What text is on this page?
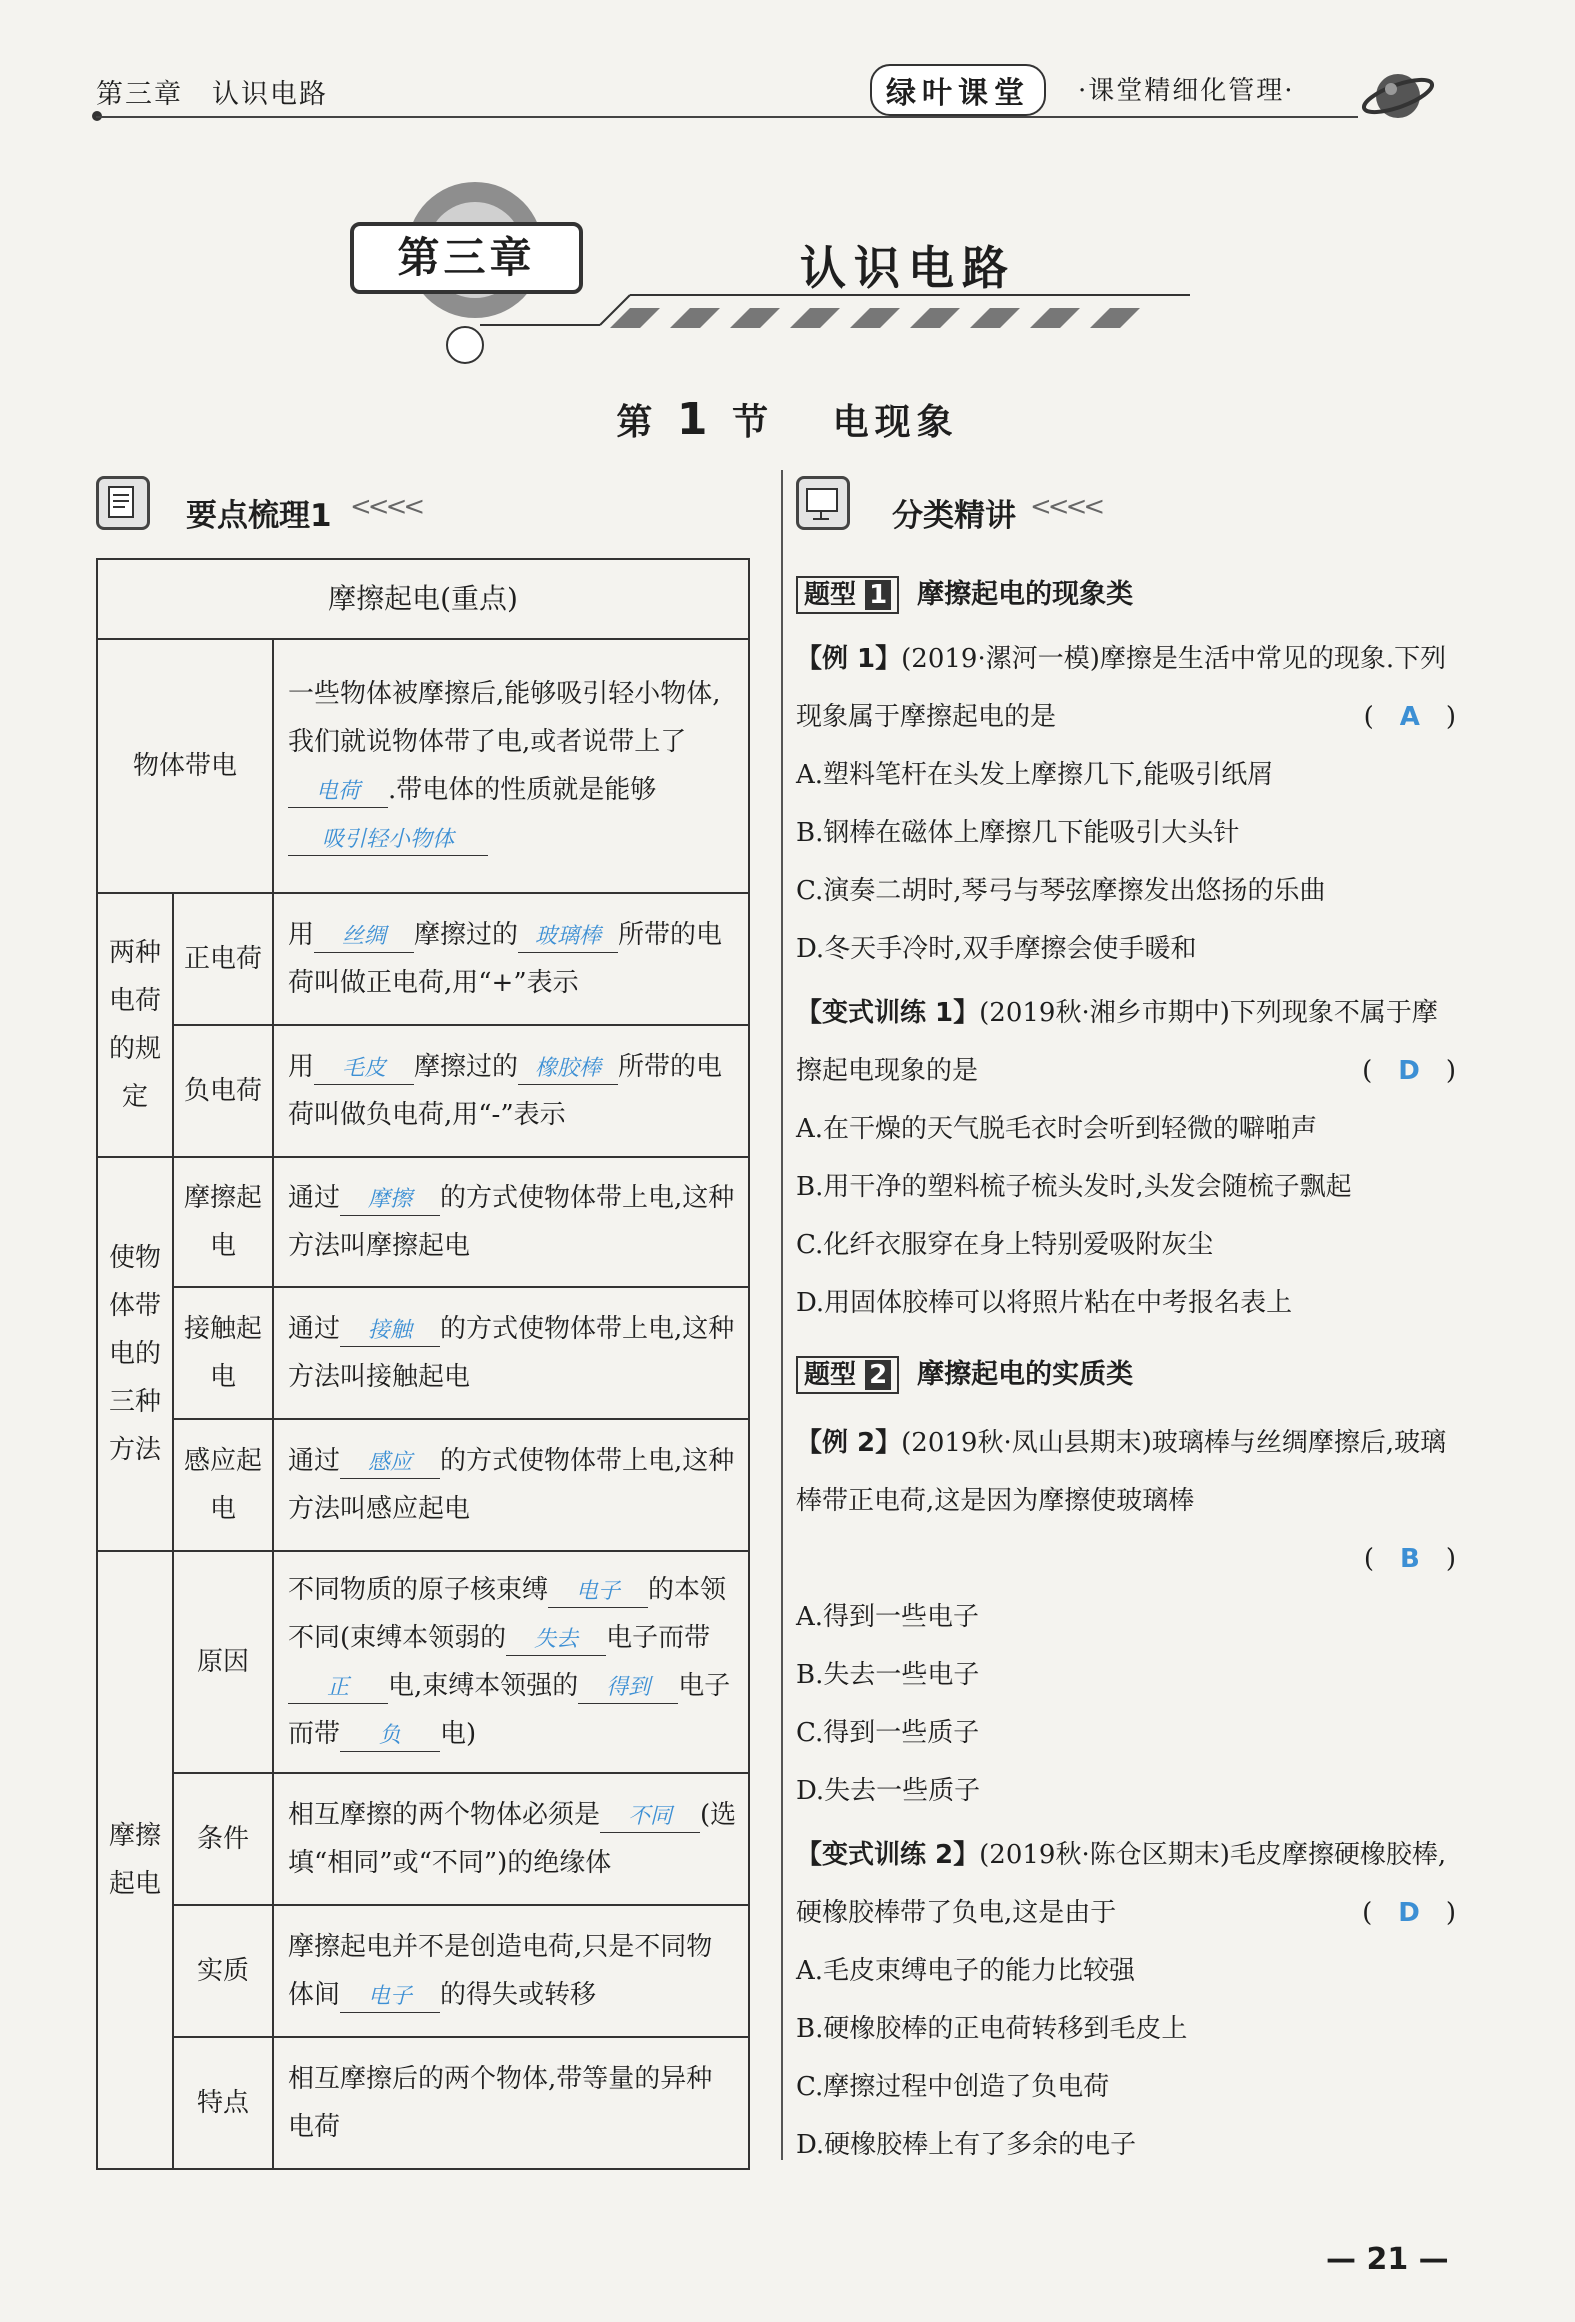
第三章　认识电路	绿叶课堂	·课堂精细化管理·
第三章	认识电路
第 1 节 电现象
要点梳理1 <<<<
摩擦起电(重点)		
物体带电		一些物体被摩擦后,能够吸引轻小物体,我们就说物体带了电,或者说带上了电荷 .带电体的性质就是能够吸引轻小物体
两种电荷的规定	正电荷	用 丝绸 摩擦过的 玻璃棒 所带的电荷叫做正电荷,用“+”表示
	负电荷	用 毛皮 摩擦过的 橡胶棒 所带的电荷叫做负电荷,用“-”表示
使物体带电的三种方法	摩擦起电	通过 摩擦 的方式使物体带上电,这种方法叫摩擦起电
	接触起电	通过 接触 的方式使物体带上电,这种方法叫接触起电
	感应起电	通过 感应 的方式使物体带上电,这种方法叫感应起电
摩擦起电	原因	不同物质的原子核束缚 电子 的本领不同(束缚本领弱的 失去 电子而带正 电,束缚本领强的 得到 电子而带 负 电)
	条件	相互摩擦的两个物体必须是 不同 (选填“相同”或“不同”)的绝缘体
	实质	摩擦起电并不是创造电荷,只是不同物体间 电子 的得失或转移
	特点	相互摩擦后的两个物体,带等量的异种电荷
分类精讲 <<<<
题型 1 摩擦起电的现象类
【例 1】(2019·漯河一模)摩擦是生活中常见的现象.下列现象属于摩擦起电的是	(　A　)
A.塑料笔杆在头发上摩擦几下,能吸引纸屑
B.钢棒在磁体上摩擦几下能吸引大头针
C.演奏二胡时,琴弓与琴弦摩擦发出悠扬的乐曲
D.冬天手冷时,双手摩擦会使手暖和
【变式训练 1】(2019秋·湘乡市期中)下列现象不属于摩擦起电现象的是	(　D　)
A.在干燥的天气脱毛衣时会听到轻微的噼啪声
B.用干净的塑料梳子梳头发时,头发会随梳子飘起
C.化纤衣服穿在身上特别爱吸附灰尘
D.用固体胶棒可以将照片粘在中考报名表上
题型 2 摩擦起电的实质类
【例 2】(2019秋·凤山县期末)玻璃棒与丝绸摩擦后,玻璃棒带正电荷,这是因为摩擦使玻璃棒
(　B　)
A.得到一些电子
B.失去一些电子
C.得到一些质子
D.失去一些质子
【变式训练 2】(2019秋·陈仓区期末)毛皮摩擦硬橡胶棒,硬橡胶棒带了负电,这是由于	(　D　)
A.毛皮束缚电子的能力比较强
B.硬橡胶棒的正电荷转移到毛皮上
C.摩擦过程中创造了负电荷
D.硬橡胶棒上有了多余的电子
— 21 —
